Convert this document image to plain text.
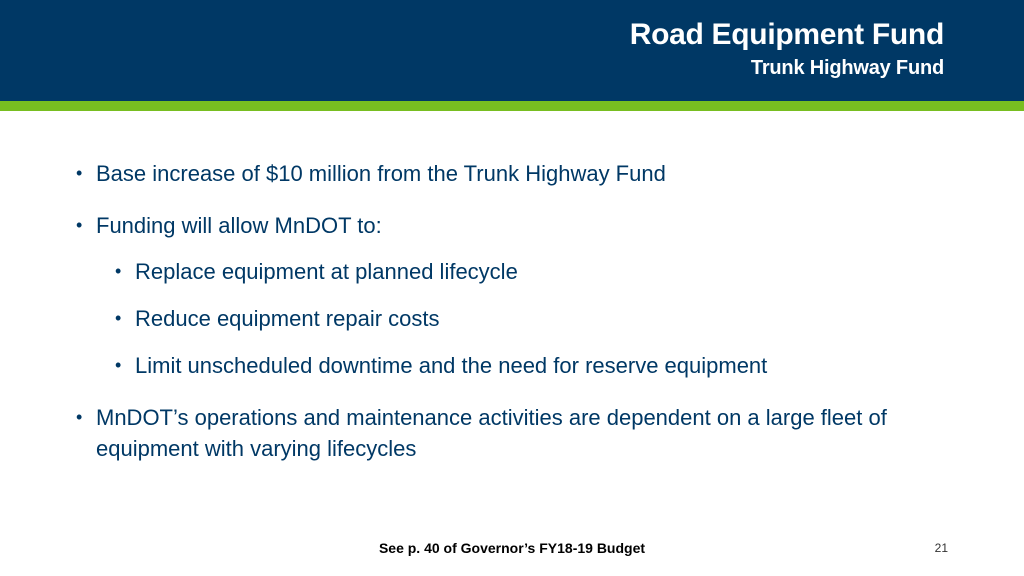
Road Equipment Fund
Trunk Highway Fund
• Base increase of $10 million from the Trunk Highway Fund
• Funding will allow MnDOT to:
• Replace equipment at planned lifecycle
• Reduce equipment repair costs
• Limit unscheduled downtime and the need for reserve equipment
• MnDOT’s operations and maintenance activities are dependent on a large fleet of equipment with varying lifecycles
See p. 40 of Governor’s FY18-19 Budget	21
